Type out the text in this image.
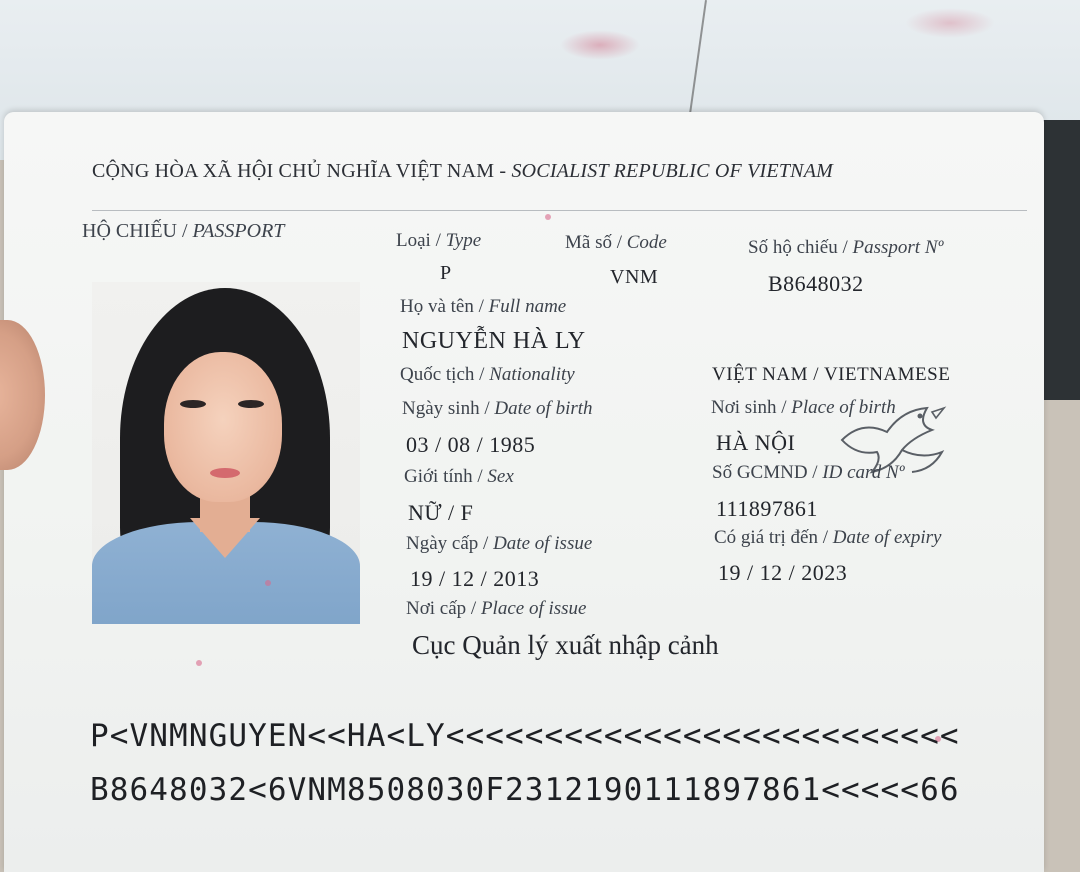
CỘNG HÒA XÃ HỘI CHỦ NGHĨA VIỆT NAM - SOCIALIST REPUBLIC OF VIETNAM
HỘ CHIẾU / PASSPORT	Loại / Type
P
Mã số / Code
VNM
Số hộ chiếu / Passport Nº
B8648032
Họ và tên / Full name
NGUYỄN HÀ LY
Quốc tịch / Nationality	VIỆT NAM / VIETNAMESE
Ngày sinh / Date of birth
03 / 08 / 1985
Nơi sinh / Place of birth
HÀ NỘI
Giới tính / Sex
NỮ / F
Số GCMND / ID card Nº
111897861
Ngày cấp / Date of issue
19 / 12 / 2013
Có giá trị đến / Date of expiry
19 / 12 / 2023
Nơi cấp / Place of issue
Cục Quản lý xuất nhập cảnh
P<VNMNGUYEN<<HA<LY<<<<<<<<<<<<<<<<<<<<<<<<<<
B8648032<6VNM8508030F2312190111897861<<<<<66
